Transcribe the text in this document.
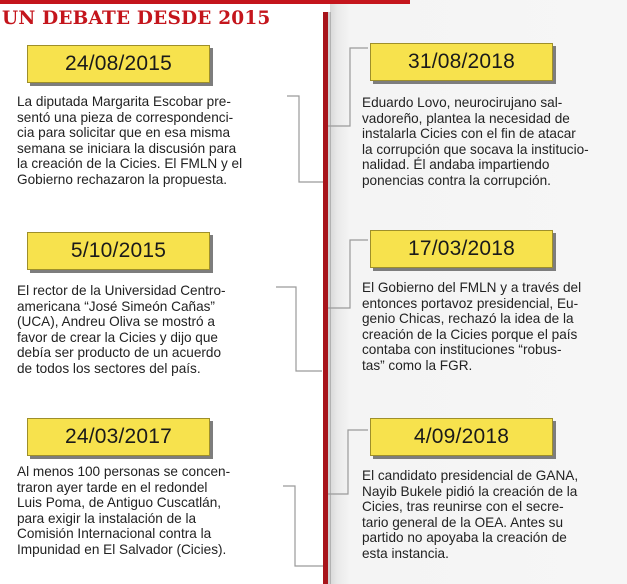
UN DEBATE DESDE 2015
24/08/2015
La diputada Margarita Escobar pre-
sentó una pieza de correspondenci-
cia para solicitar que en esa misma
semana se iniciara la discusión para
la creación de la Cicies. El FMLN y el
Gobierno rechazaron la propuesta.
5/10/2015
El rector de la Universidad Centro-
americana “José Simeón Cañas”
(UCA), Andreu Oliva se mostró a
favor de crear la Cicies y dijo que
debía ser producto de un acuerdo
de todos los sectores del país.
24/03/2017
Al menos 100 personas se concen-
traron ayer tarde en el redondel
Luis Poma, de Antiguo Cuscatlán,
para exigir la instalación de la
Comisión Internacional contra la
Impunidad en El Salvador (Cicies).
31/08/2018
Eduardo Lovo, neurocirujano sal-
vadoreño, plantea la necesidad de
instalarla Cicies con el fin de atacar
la corrupción que socava la institucio-
nalidad. Él andaba impartiendo
ponencias contra la corrupción.
17/03/2018
El Gobierno del FMLN y a través del
entonces portavoz presidencial, Eu-
genio Chicas, rechazó la idea de la
creación de la Cicies porque el país
contaba con instituciones “robus-
tas” como la FGR.
4/09/2018
El candidato presidencial de GANA,
Nayib Bukele pidió la creación de la
Cicies, tras reunirse con el secre-
tario general de la OEA. Antes su
partido no apoyaba la creación de
esta instancia.
